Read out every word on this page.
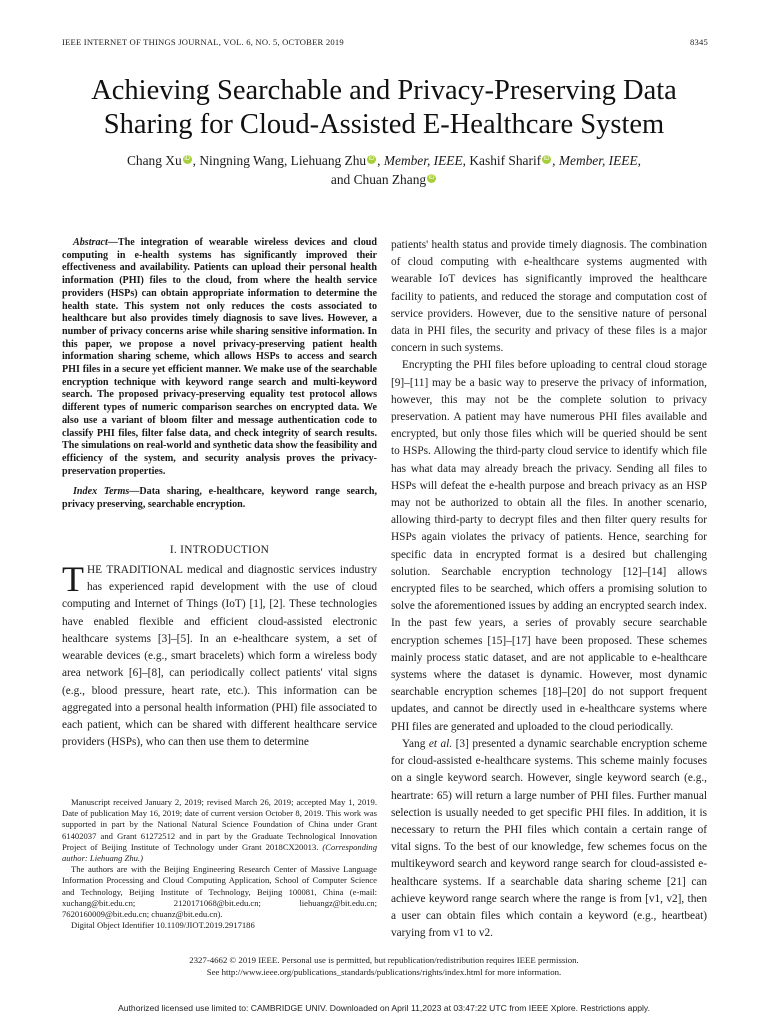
IEEE INTERNET OF THINGS JOURNAL, VOL. 6, NO. 5, OCTOBER 2019	8345
Achieving Searchable and Privacy-Preserving Data
Sharing for Cloud-Assisted E-Healthcare System
Chang Xu iD , Ningning Wang, Liehuang Zhu iD , Member, IEEE, Kashif Sharif iD , Member, IEEE,
and Chuan Zhang iD

Abstract—The integration of wearable wireless devices and cloud computing in e-health systems has significantly improved their effectiveness and availability. Patients can upload their personal health information (PHI) files to the cloud, from where the health service providers (HSPs) can obtain appropriate information to determine the health state. This system not only reduces the costs associated to healthcare but also provides timely diagnosis to save lives. However, a number of privacy concerns arise while sharing sensitive information. In this paper, we propose a novel privacy-preserving patient health information sharing scheme, which allows HSPs to access and search PHI files in a secure yet efficient manner. We make use of the searchable encryption technique with keyword range search and multi-keyword search. The proposed privacy-preserving equality test protocol allows different types of numeric comparison searches on encrypted data. We also use a variant of bloom filter and message authentication code to classify PHI files, filter false data, and check integrity of search results. The simulations on real-world and synthetic data show the feasibility and efficiency of the system, and security analysis proves the privacy-preservation properties.

Index Terms—Data sharing, e-healthcare, keyword range search, privacy preserving, searchable encryption.

I. INTRODUCTION

THE TRADITIONAL medical and diagnostic services industry has experienced rapid development with the use of cloud computing and Internet of Things (IoT) [1], [2]. These technologies have enabled flexible and efficient cloud-assisted electronic healthcare systems [3]–[5]. In an e-healthcare system, a set of wearable devices (e.g., smart bracelets) which form a wireless body area network [6]–[8], can periodically collect patients' vital signs (e.g., blood pressure, heart rate, etc.). This information can be aggregated into a personal health information (PHI) file associated to each patient, which can be shared with different healthcare service providers (HSPs), who can then use them to determine

Manuscript received January 2, 2019; revised March 26, 2019; accepted May 1, 2019. Date of publication May 16, 2019; date of current version October 8, 2019. This work was supported in part by the National Natural Science Foundation of China under Grant 61402037 and Grant 61272512 and in part by the Graduate Technological Innovation Project of Beijing Institute of Technology under Grant 2018CX20013. (Corresponding author: Liehuang Zhu.)

The authors are with the Beijing Engineering Research Center of Massive Language Information Processing and Cloud Computing Application, School of Computer Science and Technology, Beijing Institute of Technology, Beijing 100081, China (e-mail: xuchang@bit.edu.cn; 2120171068@bit.edu.cn; liehuangz@bit.edu.cn; 7620160009@bit.edu.cn; chuanz@bit.edu.cn).

Digital Object Identifier 10.1109/JIOT.2019.2917186

patients' health status and provide timely diagnosis. The combination of cloud computing with e-healthcare systems augmented with wearable IoT devices has significantly improved the healthcare facility to patients, and reduced the storage and computation cost of service providers. However, due to the sensitive nature of personal data in PHI files, the security and privacy of these files is a major concern in such systems.

Encrypting the PHI files before uploading to central cloud storage [9]–[11] may be a basic way to preserve the privacy of information, however, this may not be the complete solution to privacy preservation. A patient may have numerous PHI files available and encrypted, but only those files which will be queried should be sent to HSPs. Allowing the third-party cloud service to identify which file has what data may already breach the privacy. Sending all files to HSPs will defeat the e-health purpose and breach privacy as an HSP may not be authorized to obtain all the files. In another scenario, allowing third-party to decrypt files and then filter query results for HSPs again violates the privacy of patients. Hence, searching for specific data in encrypted format is a desired but challenging solution. Searchable encryption technology [12]–[14] allows encrypted files to be searched, which offers a promising solution to solve the aforementioned issues by adding an encrypted search index. In the past few years, a series of provably secure searchable encryption schemes [15]–[17] have been proposed. These schemes mainly process static dataset, and are not applicable to e-healthcare systems where the dataset is dynamic. However, most dynamic searchable encryption schemes [18]–[20] do not support frequent updates, and cannot be directly used in e-healthcare systems where PHI files are generated and uploaded to the cloud periodically.

Yang et al. [3] presented a dynamic searchable encryption scheme for cloud-assisted e-healthcare systems. This scheme mainly focuses on a single keyword search. However, single keyword search (e.g., heartrate: 65) will return a large number of PHI files. Further manual selection is usually needed to get specific PHI files. In addition, it is necessary to return the PHI files which contain a certain range of vital signs. To the best of our knowledge, few schemes focus on the multikeyword search and keyword range search for cloud-assisted e-healthcare systems. If a searchable data sharing scheme [21] can achieve keyword range search where the range is from [v1, v2], then a user can obtain files which contain a keyword (e.g., heartbeat) varying from v1 to v2.

2327-4662 © 2019 IEEE. Personal use is permitted, but republication/redistribution requires IEEE permission.
See http://www.ieee.org/publications_standards/publications/rights/index.html for more information.
Authorized licensed use limited to: CAMBRIDGE UNIV. Downloaded on April 11,2023 at 03:47:22 UTC from IEEE Xplore. Restrictions apply.
